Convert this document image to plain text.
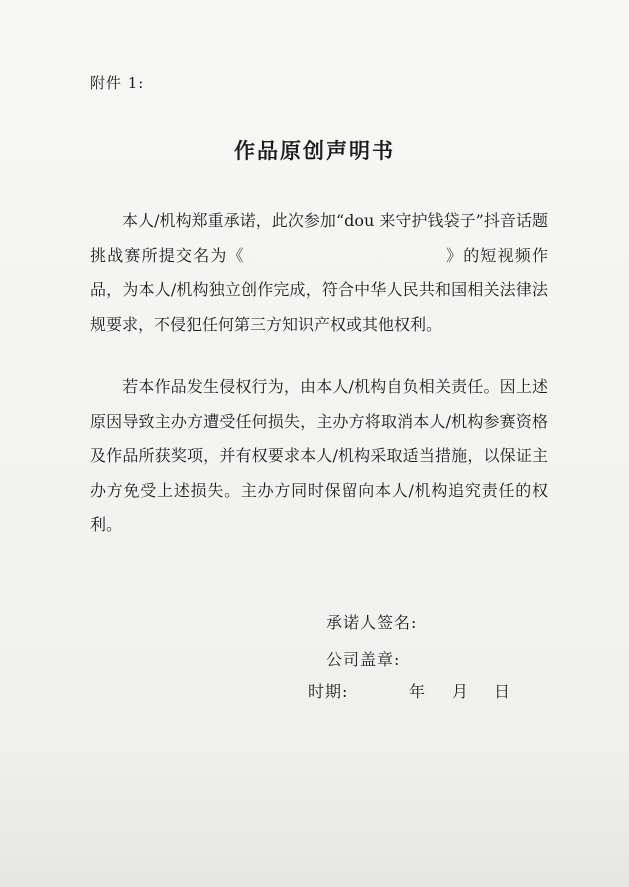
附件 1:
作品原创声明书

本人/机构郑重承诺，此次参加“dou 来守护钱袋子”抖音话题挑战赛所提交名为《	》的短视频作品，为本人/机构独立创作完成，符合中华人民共和国相关法律法规要求，不侵犯任何第三方知识产权或其他权利。

若本作品发生侵权行为，由本人/机构自负相关责任。因上述原因导致主办方遭受任何损失，主办方将取消本人/机构参赛资格及作品所获奖项，并有权要求本人/机构采取适当措施，以保证主办方免受上述损失。主办方同时保留向本人/机构追究责任的权利。

承诺人签名:
公司盖章:
时期:	年 月 日
